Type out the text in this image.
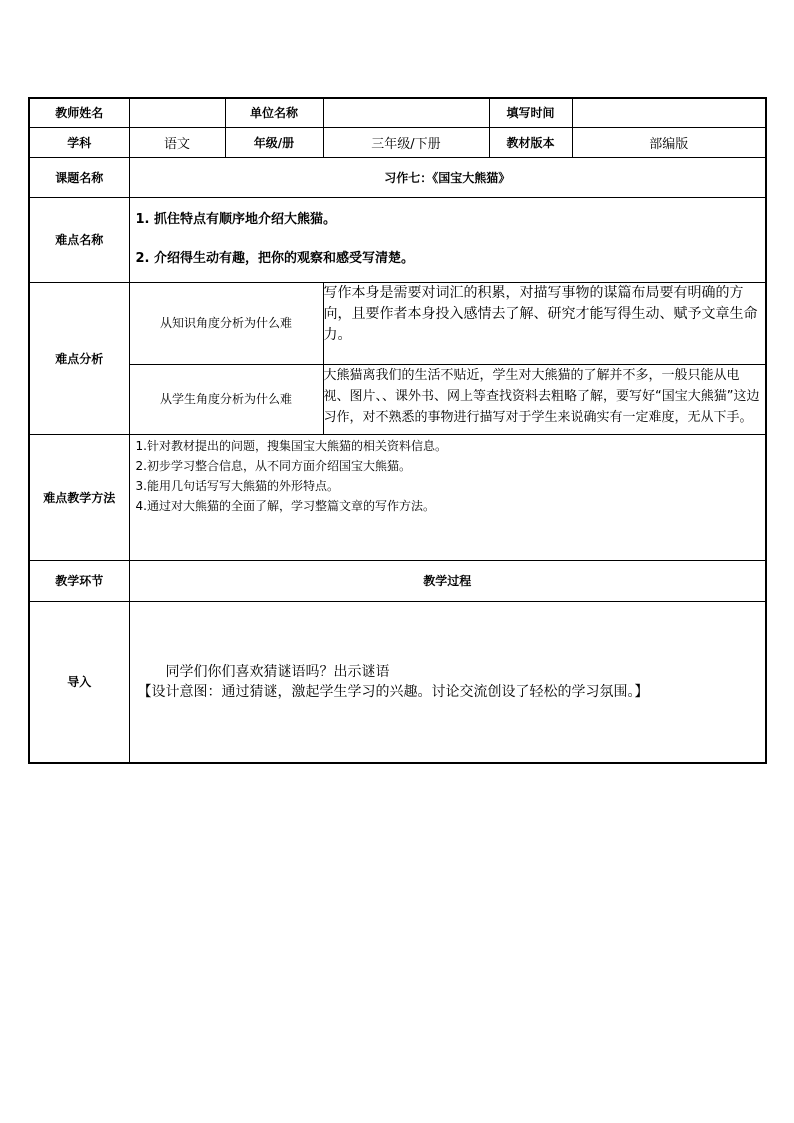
教师姓名		单位名称		填写时间	
学科	语文	年级/册	三年级/下册	教材版本	部编版
课题名称	习作七：《国宝大熊猫》				
难点名称	1. 抓住特点有顺序地介绍大熊猫。

2. 介绍得生动有趣，把你的观察和感受写清楚。				

难点分析	从知识角度分析为什么难		写作本身是需要对词汇的积累，对描写事物的谋篇布局要有明确的方向，且要作者本身投入感情去了解、研究才能写得生动、赋予文章生命力。		
	从学生角度分析为什么难		大熊猫离我们的生活不贴近，学生对大熊猫的了解并不多，一般只能从电视、图片、、课外书、网上等查找资料去粗略了解，要写好“国宝大熊猫”这边习作，对不熟悉的事物进行描写对于学生来说确实有一定难度，无从下手。		
难点教学方法	1.针对教材提出的问题，搜集国宝大熊猫的相关资料信息。

2.初步学习整合信息，从不同方面介绍国宝大熊猫。

3.能用几句话写写大熊猫的外形特点。

4.通过对大熊猫的全面了解，学习整篇文章的写作方法。				

教学环节	教学过程				
导入	同学们你们喜欢猜谜语吗？出示谜语
【设计意图：通过猜谜，激起学生学习的兴趣。讨论交流创设了轻松的学习氛围。】				
